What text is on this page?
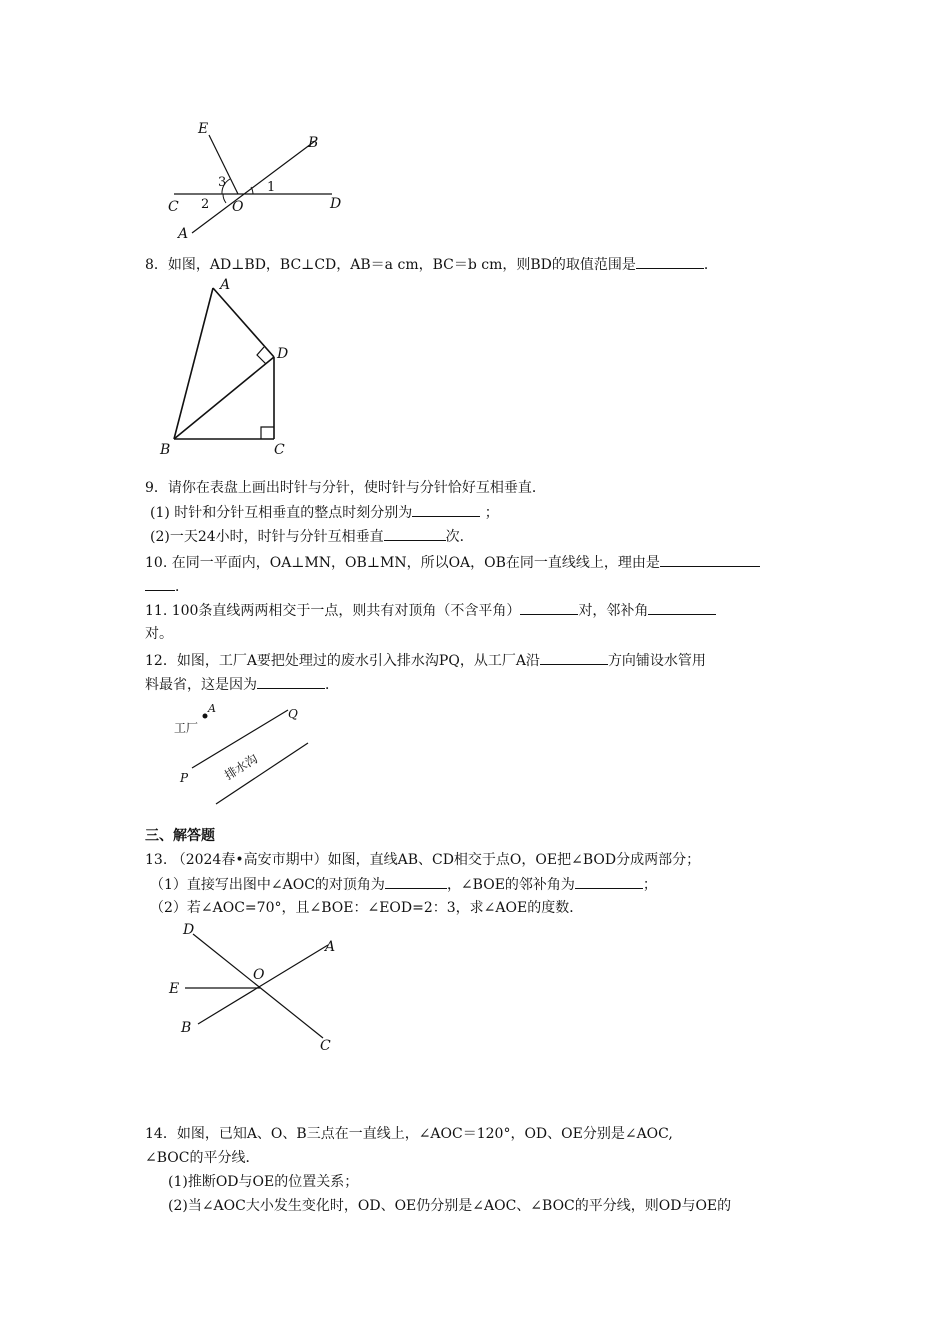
E
B
C	O	D
A
1
2
3
8．如图，AD⊥BD，BC⊥CD，AB＝a cm，BC＝b cm，则BD的取值范围是	．
A
D
B	C
9．请你在表盘上画出时针与分针，使时针与分针恰好互相垂直．
(1) 时针和分针互相垂直的整点时刻分别为	；
(2)一天24小时，时针与分针互相垂直	次．
10. 在同一平面内，OA⊥MN，OB⊥MN，所以OA，OB在同一直线线上，理由是
．
11. 100条直线两两相交于一点，则共有对顶角（不含平角）	对，邻补角
对。
12．如图，工厂A要把处理过的废水引入排水沟PQ，从工厂A沿	方向铺设水管用
料最省，这是因为	．
工厂
A	Q
P	排水沟
三、解答题
13. （2024春•高安市期中）如图，直线AB、CD相交于点O，OE把∠BOD分成两部分；
（1）直接写出图中∠AOC的对顶角为	，∠BOE的邻补角为	；
（2）若∠AOC=70°，且∠BOE：∠EOD=2：3，求∠AOE的度数．
D
A
O
E
B
C
14．如图，已知A、O、B三点在一直线上，∠AOC＝120°，OD、OE分别是∠AOC,
∠BOC的平分线．
(1)推断OD与OE的位置关系；
(2)当∠AOC大小发生变化时，OD、OE仍分别是∠AOC、∠BOC的平分线，则OD与OE的
